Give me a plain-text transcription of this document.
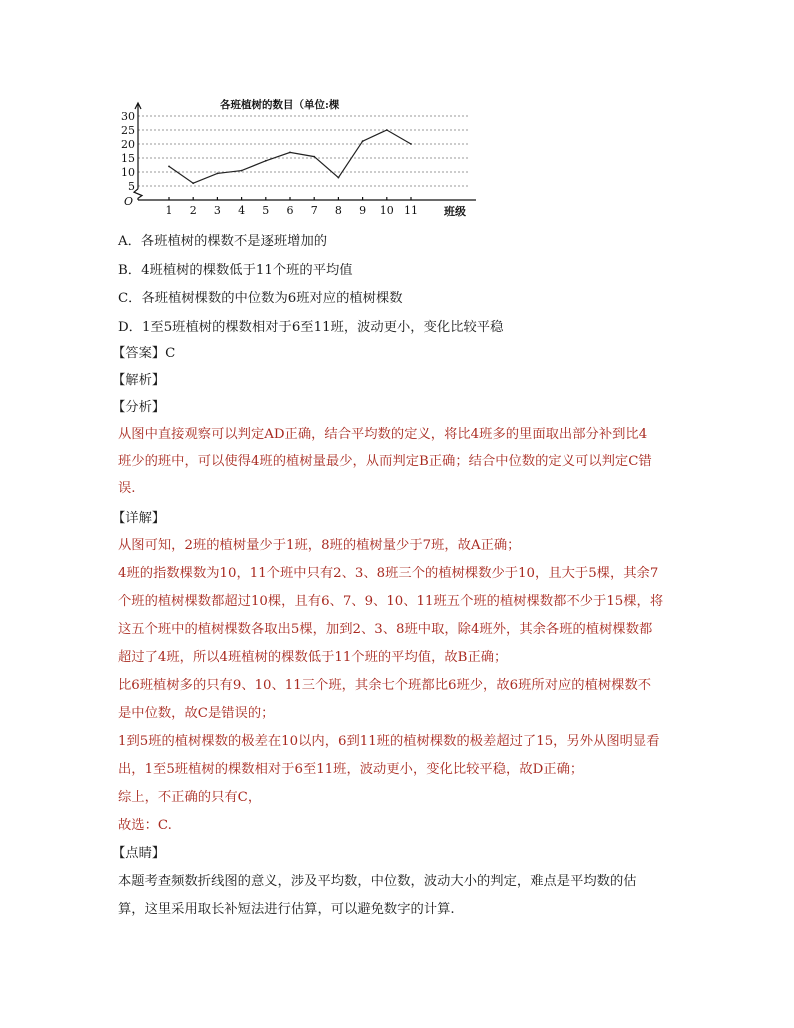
各班植树的数目（单位:棵
5
10
15
20
25
30
O
1 2 3 4 5 6 7 8 9 10 11 班级
A．各班植树的棵数不是逐班增加的
B．4班植树的棵数低于11个班的平均值
C．各班植树棵数的中位数为6班对应的植树棵数
D．1至5班植树的棵数相对于6至11班，波动更小，变化比较平稳
【答案】C
【解析】
【分析】
从图中直接观察可以判定AD正确，结合平均数的定义，将比4班多的里面取出部分补到比4
班少的班中，可以使得4班的植树量最少，从而判定B正确；结合中位数的定义可以判定C错
误.
【详解】
从图可知，2班的植树量少于1班，8班的植树量少于7班，故A正确；
4班的指数棵数为10，11个班中只有2、3、8班三个的植树棵数少于10，且大于5棵，其余7
个班的植树棵数都超过10棵，且有6、7、9、10、11班五个班的植树棵数都不少于15棵，将
这五个班中的植树棵数各取出5棵，加到2、3、8班中取，除4班外，其余各班的植树棵数都
超过了4班，所以4班植树的棵数低于11个班的平均值，故B正确；
比6班植树多的只有9、10、11三个班，其余七个班都比6班少，故6班所对应的植树棵数不
是中位数，故C是错误的；
1到5班的植树棵数的极差在10以内，6到11班的植树棵数的极差超过了15，另外从图明显看
出，1至5班植树的棵数相对于6至11班，波动更小，变化比较平稳，故D正确；
综上，不正确的只有C，
故选：C.
【点睛】
本题考查频数折线图的意义，涉及平均数，中位数，波动大小的判定，难点是平均数的估
算，这里采用取长补短法进行估算，可以避免数字的计算.
